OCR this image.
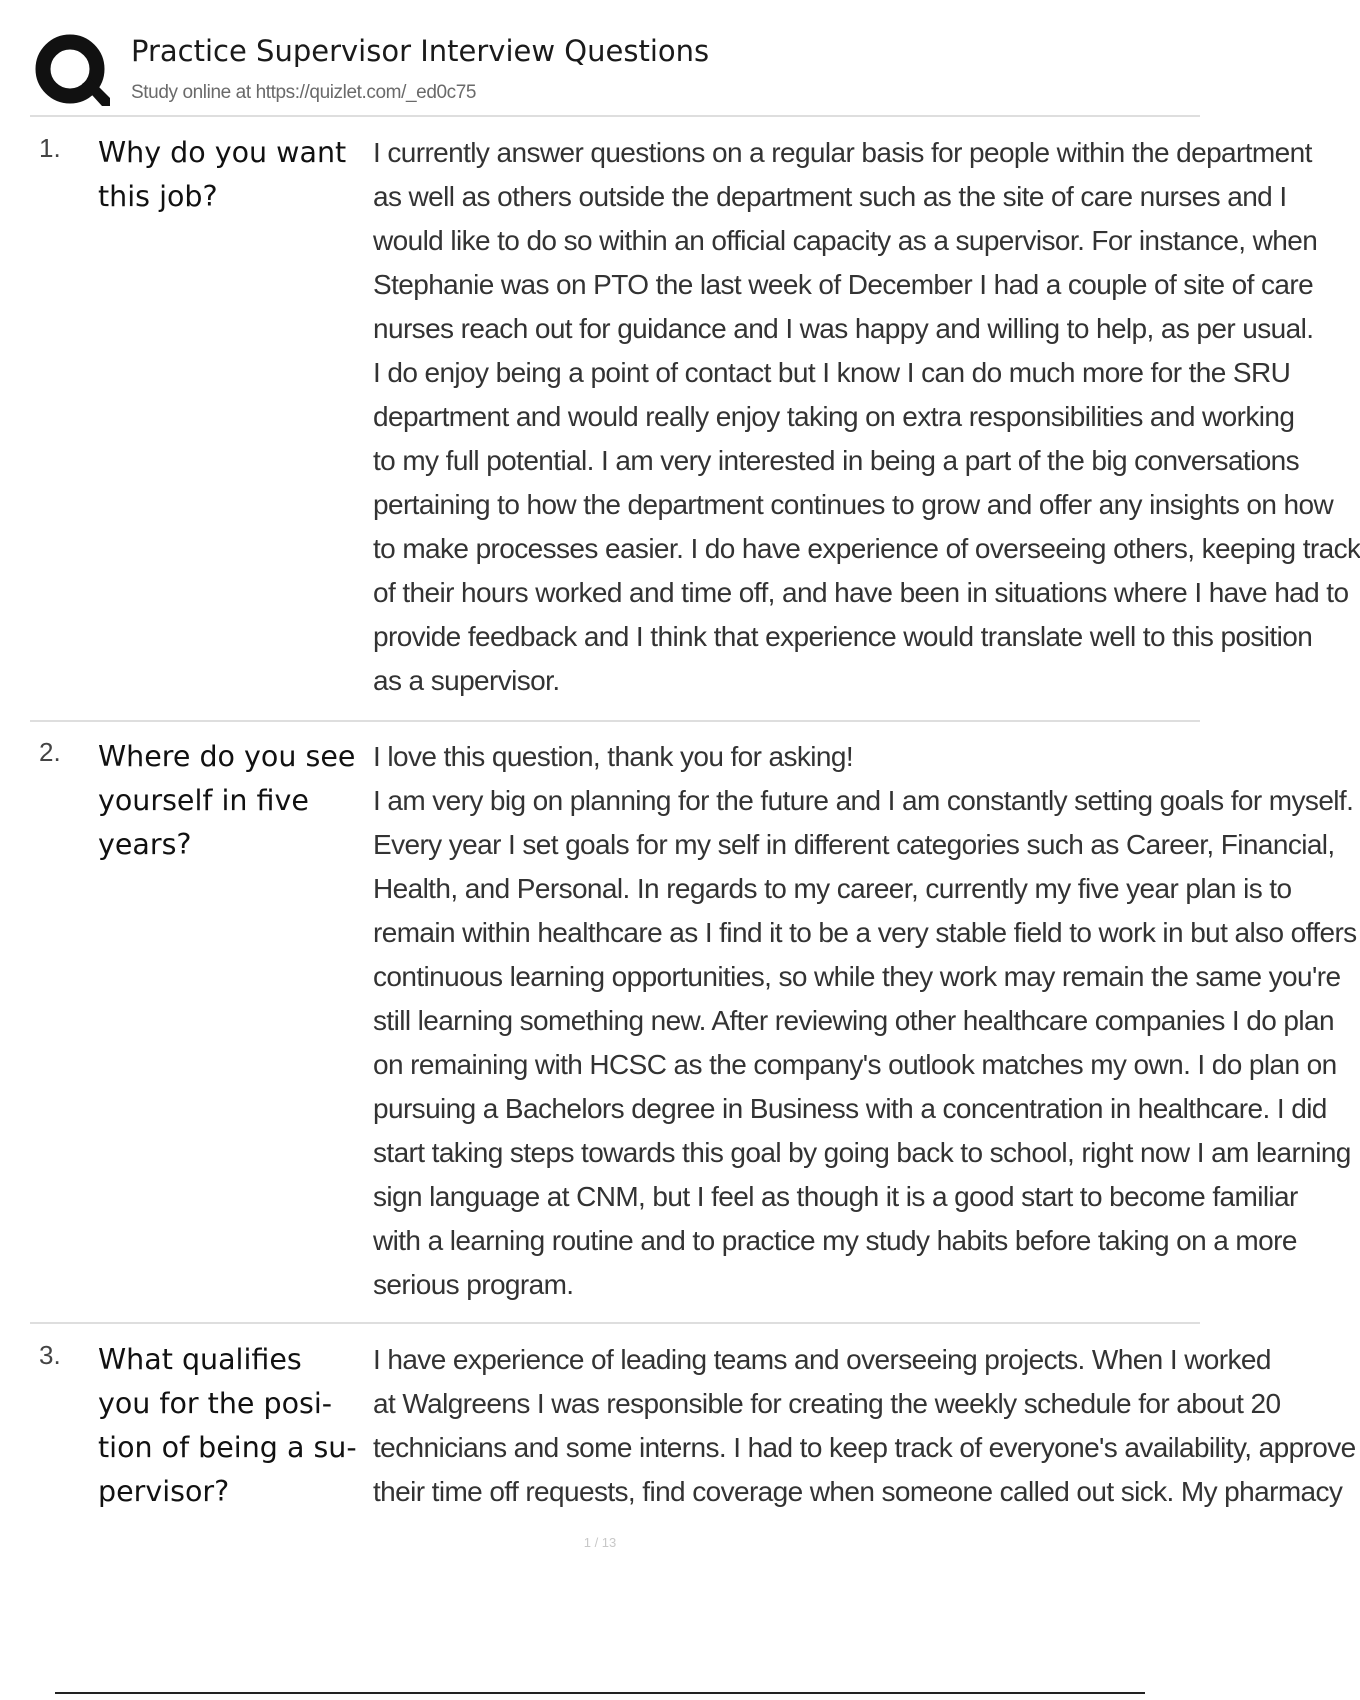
Practice Supervisor Interview Questions
Study online at https://quizlet.com/_ed0c75
1. Why do you want
this job?
I currently answer questions on a regular basis for people within the department
as well as others outside the department such as the site of care nurses and I
would like to do so within an official capacity as a supervisor. For instance, when
Stephanie was on PTO the last week of December I had a couple of site of care
nurses reach out for guidance and I was happy and willing to help, as per usual.
I do enjoy being a point of contact but I know I can do much more for the SRU
department and would really enjoy taking on extra responsibilities and working
to my full potential. I am very interested in being a part of the big conversations
pertaining to how the department continues to grow and offer any insights on how
to make processes easier. I do have experience of overseeing others, keeping track
of their hours worked and time off, and have been in situations where I have had to
provide feedback and I think that experience would translate well to this position
as a supervisor.
2. Where do you see
yourself in five
years?
I love this question, thank you for asking!
I am very big on planning for the future and I am constantly setting goals for myself.
Every year I set goals for my self in different categories such as Career, Financial,
Health, and Personal. In regards to my career, currently my five year plan is to
remain within healthcare as I find it to be a very stable field to work in but also offers
continuous learning opportunities, so while they work may remain the same you're
still learning something new. After reviewing other healthcare companies I do plan
on remaining with HCSC as the company's outlook matches my own. I do plan on
pursuing a Bachelors degree in Business with a concentration in healthcare. I did
start taking steps towards this goal by going back to school, right now I am learning
sign language at CNM, but I feel as though it is a good start to become familiar
with a learning routine and to practice my study habits before taking on a more
serious program.
3. What qualifies
you for the posi-
tion of being a su-
pervisor?
I have experience of leading teams and overseeing projects. When I worked
at Walgreens I was responsible for creating the weekly schedule for about 20
technicians and some interns. I had to keep track of everyone's availability, approve
their time off requests, find coverage when someone called out sick. My pharmacy
1 / 13
